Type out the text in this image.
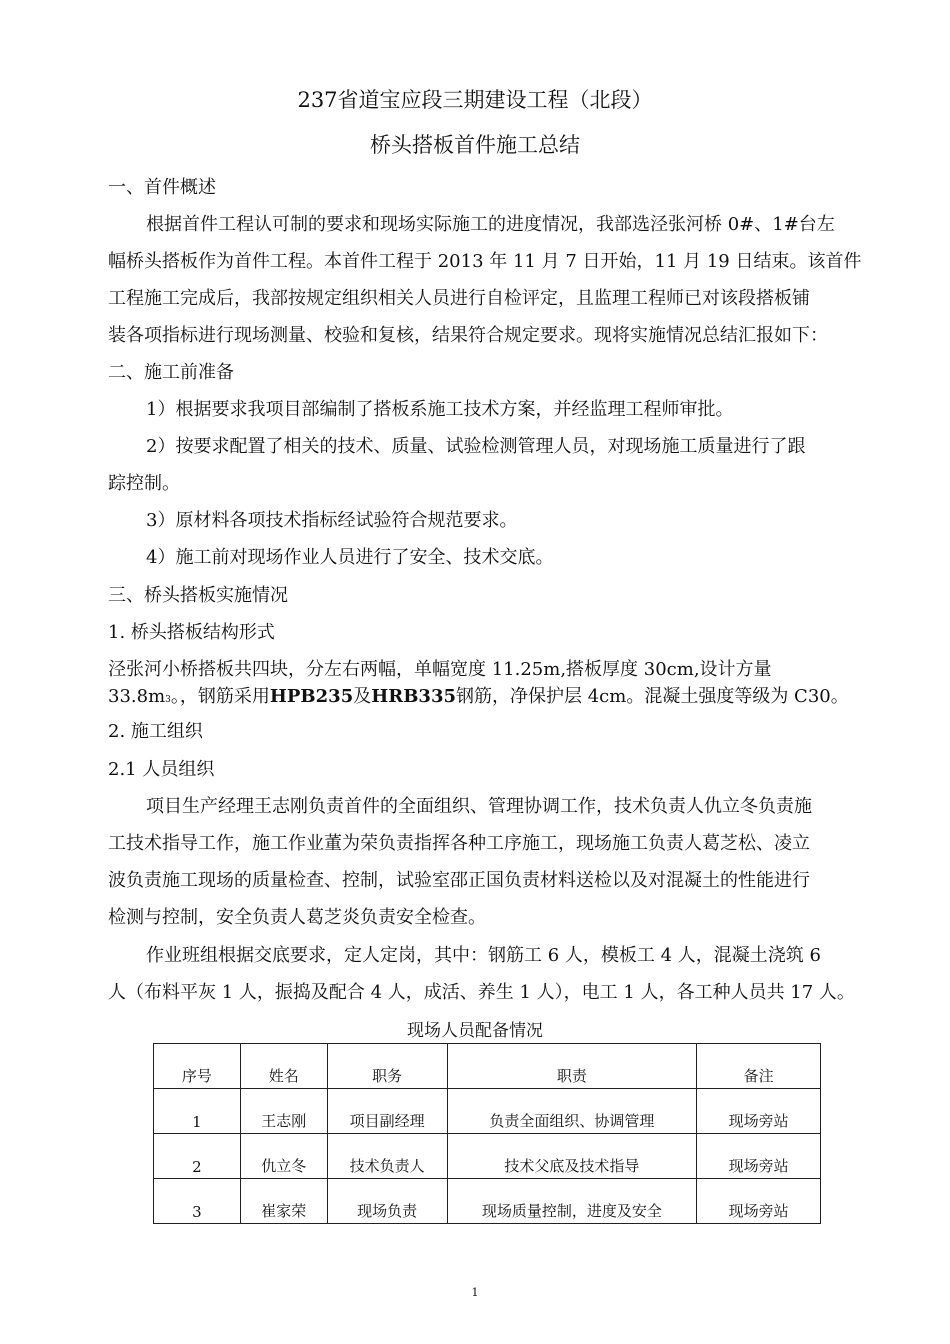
237省道宝应段三期建设工程（北段）
桥头搭板首件施工总结
一、首件概述
根据首件工程认可制的要求和现场实际施工的进度情况，我部选泾张河桥 0#、1#台左
幅桥头搭板作为首件工程。本首件工程于 2013 年 11 月 7 日开始，11 月 19 日结束。该首件
工程施工完成后，我部按规定组织相关人员进行自检评定，且监理工程师已对该段搭板铺
装各项指标进行现场测量、校验和复核，结果符合规定要求。现将实施情况总结汇报如下：
二、施工前准备
1）根据要求我项目部编制了搭板系施工技术方案，并经监理工程师审批。
2）按要求配置了相关的技术、质量、试验检测管理人员，对现场施工质量进行了跟
踪控制。
3）原材料各项技术指标经试验符合规范要求。
4）施工前对现场作业人员进行了安全、技术交底。
三、桥头搭板实施情况
1. 桥头搭板结构形式
泾张河小桥搭板共四块，分左右两幅，单幅宽度 11.25m,搭板厚度 30cm,设计方量
33.8m3。，钢筋采用HPB235及HRB335钢筋，净保护层 4cm。混凝土强度等级为 C30。
2. 施工组织
2.1 人员组织
项目生产经理王志刚负责首件的全面组织、管理协调工作，技术负责人仇立冬负责施
工技术指导工作，施工作业董为荣负责指挥各种工序施工，现场施工负责人葛芝松、凌立
波负责施工现场的质量检查、控制，试验室邵正国负责材料送检以及对混凝土的性能进行
检测与控制，安全负责人葛芝炎负责安全检查。
作业班组根据交底要求，定人定岗，其中：钢筋工 6 人，模板工 4 人，混凝土浇筑 6
人（布料平灰 1 人，振捣及配合 4 人，成活、养生 1 人），电工 1 人，各工种人员共 17 人。
现场人员配备情况
序号	姓名	职务	职责	备注
1	王志刚	项目副经理	负责全面组织、协调管理	现场旁站
2	仇立冬	技术负责人	技术父底及技术指导	现场旁站
3	崔家荣	现场负责	现场质量控制，进度及安全	现场旁站
1
